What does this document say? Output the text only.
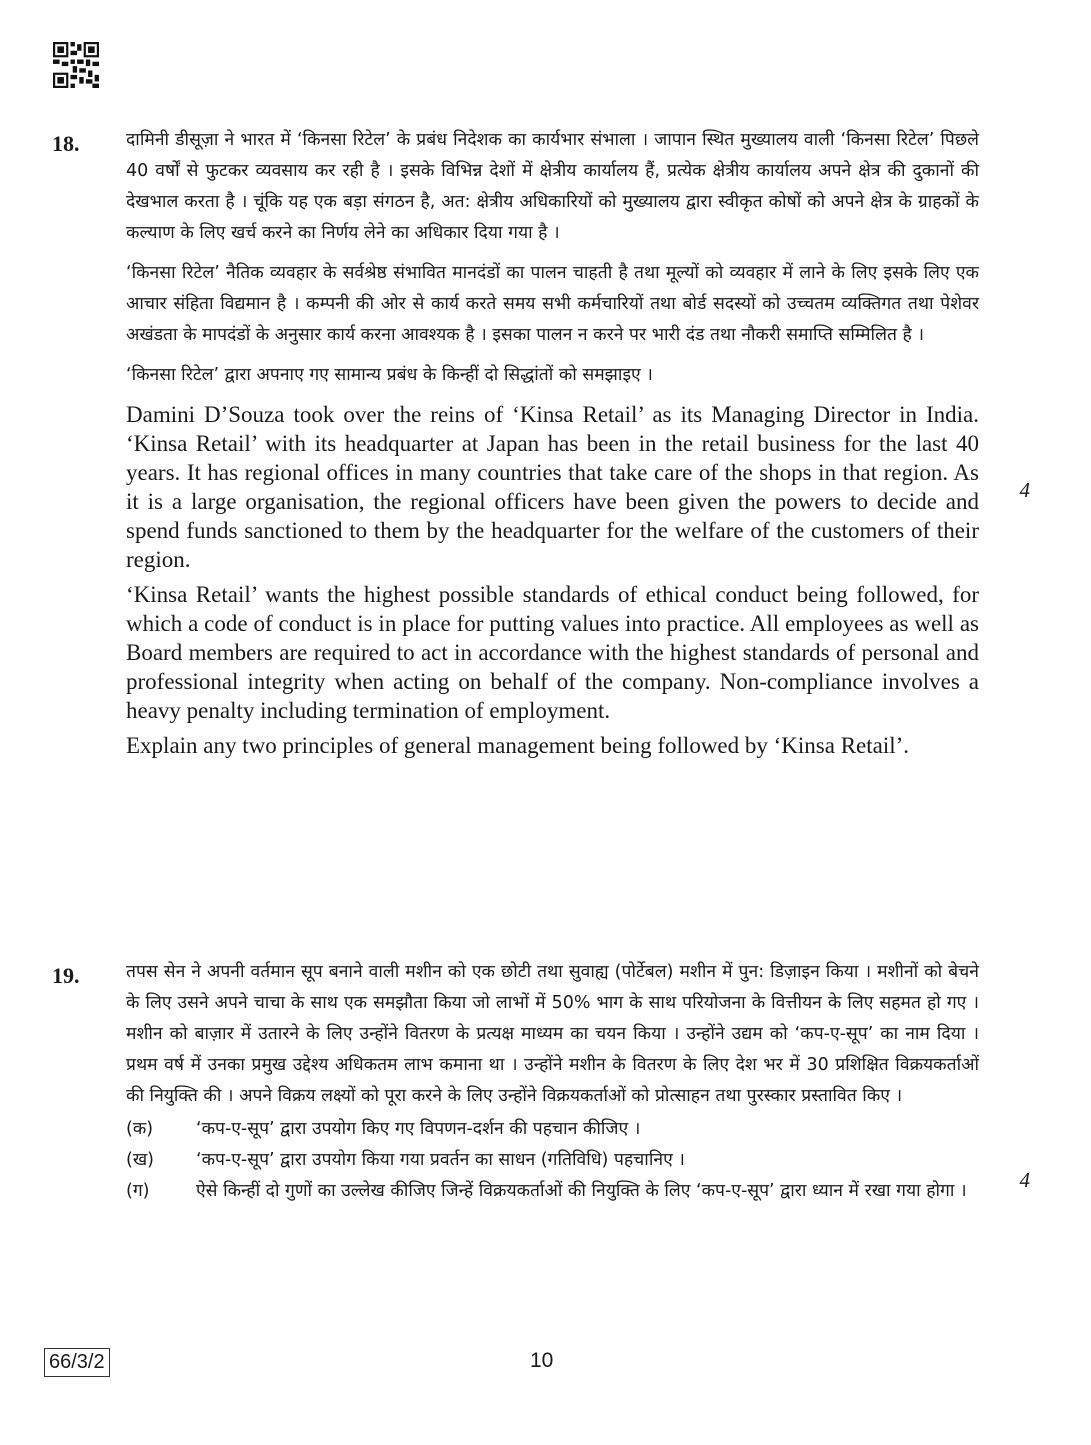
18.	दामिनी डीसूज़ा ने भारत में ‘किनसा रिटेल’ के प्रबंध निदेशक का कार्यभार संभाला । जापान स्थित मुख्यालय वाली ‘किनसा रिटेल’ पिछले 40 वर्षों से फुटकर व्यवसाय कर रही है । इसके विभिन्न देशों में क्षेत्रीय कार्यालय हैं, प्रत्येक क्षेत्रीय कार्यालय अपने क्षेत्र की दुकानों की देखभाल करता है । चूंकि यह एक बड़ा संगठन है, अत: क्षेत्रीय अधिकारियों को मुख्यालय द्वारा स्वीकृत कोषों को अपने क्षेत्र के ग्राहकों के कल्याण के लिए खर्च करने का निर्णय लेने का अधिकार दिया गया है ।

‘किनसा रिटेल’ नैतिक व्यवहार के सर्वश्रेष्ठ संभावित मानदंडों का पालन चाहती है तथा मूल्यों को व्यवहार में लाने के लिए इसके लिए एक आचार संहिता विद्यमान है । कम्पनी की ओर से कार्य करते समय सभी कर्मचारियों तथा बोर्ड सदस्यों को उच्चतम व्यक्तिगत तथा पेशेवर अखंडता के मापदंडों के अनुसार कार्य करना आवश्यक है । इसका पालन न करने पर भारी दंड तथा नौकरी समाप्ति सम्मिलित है ।

‘किनसा रिटेल’ द्वारा अपनाए गए सामान्य प्रबंध के किन्हीं दो सिद्धांतों को समझाइए ।

Damini D’Souza took over the reins of ‘Kinsa Retail’ as its Managing Director in India. ‘Kinsa Retail’ with its headquarter at Japan has been in the retail business for the last 40 years. It has regional offices in many countries that take care of the shops in that region. As it is a large organisation, the regional officers have been given the powers to decide and spend funds sanctioned to them by the headquarter for the welfare of the customers of their region.

‘Kinsa Retail’ wants the highest possible standards of ethical conduct being followed, for which a code of conduct is in place for putting values into practice. All employees as well as Board members are required to act in accordance with the highest standards of personal and professional integrity when acting on behalf of the company. Non-compliance involves a heavy penalty including termination of employment.

Explain any two principles of general management being followed by ‘Kinsa Retail’.

4
19.	तपस सेन ने अपनी वर्तमान सूप बनाने वाली मशीन को एक छोटी तथा सुवाह्य (पोर्टेबल) मशीन में पुन: डिज़ाइन किया । मशीनों को बेचने के लिए उसने अपने चाचा के साथ एक समझौता किया जो लाभों में 50% भाग के साथ परियोजना के वित्तीयन के लिए सहमत हो गए । मशीन को बाज़ार में उतारने के लिए उन्होंने वितरण के प्रत्यक्ष माध्यम का चयन किया । उन्होंने उद्यम को ‘कप-ए-सूप’ का नाम दिया । प्रथम वर्ष में उनका प्रमुख उद्देश्य अधिकतम लाभ कमाना था । उन्होंने मशीन के वितरण के लिए देश भर में 30 प्रशिक्षित विक्रयकर्ताओं की नियुक्ति की । अपने विक्रय लक्ष्यों को पूरा करने के लिए उन्होंने विक्रयकर्ताओं को प्रोत्साहन तथा पुरस्कार प्रस्तावित किए ।

(क)	‘कप-ए-सूप’ द्वारा उपयोग किए गए विपणन-दर्शन की पहचान कीजिए ।
(ख)	‘कप-ए-सूप’ द्वारा उपयोग किया गया प्रवर्तन का साधन (गतिविधि) पहचानिए ।
(ग)	ऐसे किन्हीं दो गुणों का उल्लेख कीजिए जिन्हें विक्रयकर्ताओं की नियुक्ति के लिए ‘कप-ए-सूप’ द्वारा ध्यान में रखा गया होगा ।	4
66/3/2	10
